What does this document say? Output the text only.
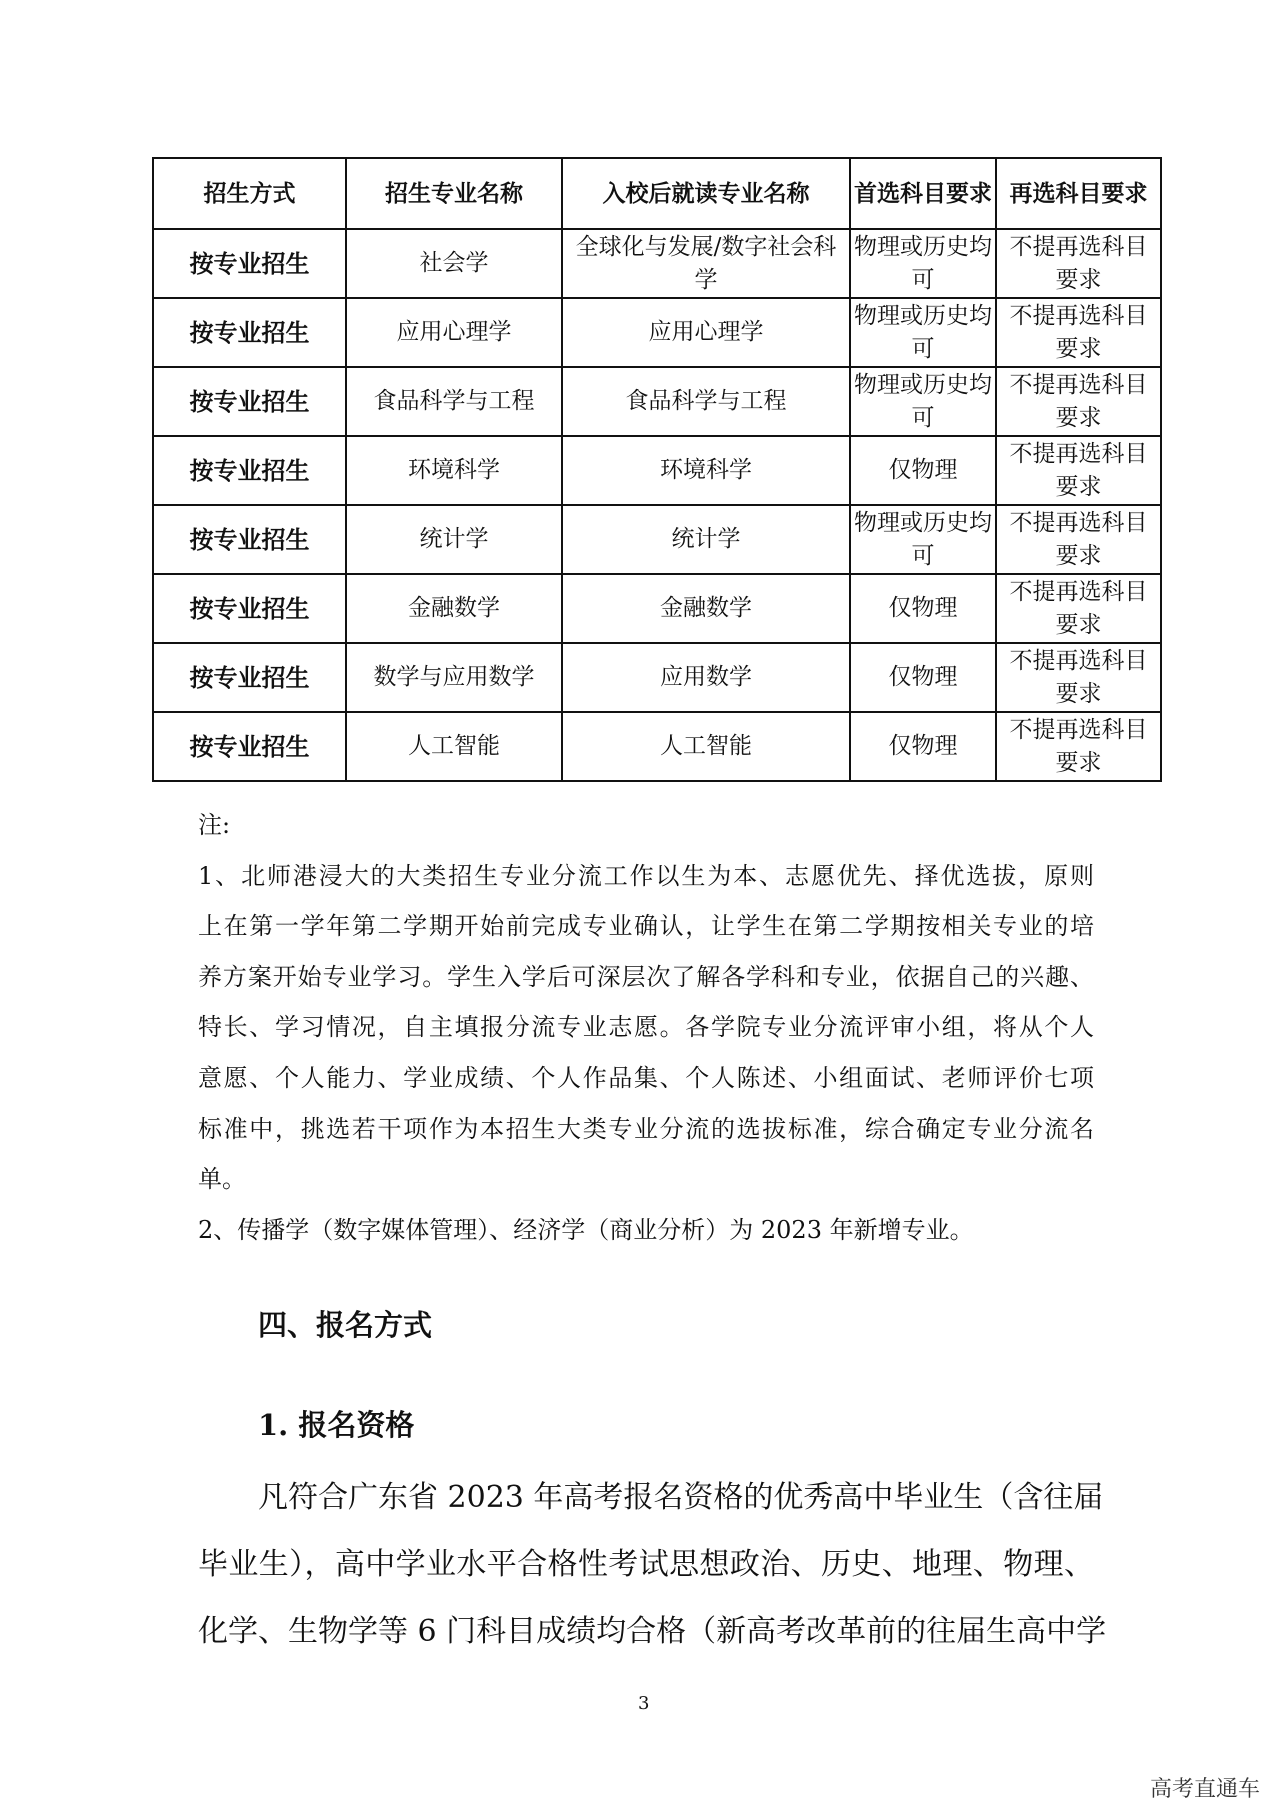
招生方式	招生专业名称	入校后就读专业名称	首选科目要求	再选科目要求
按专业招生	社会学	全球化与发展/数字社会科学	物理或历史均可	不提再选科目要求
按专业招生	应用心理学	应用心理学	物理或历史均可	不提再选科目要求
按专业招生	食品科学与工程	食品科学与工程	物理或历史均可	不提再选科目要求
按专业招生	环境科学	环境科学	仅物理	不提再选科目要求
按专业招生	统计学	统计学	物理或历史均可	不提再选科目要求
按专业招生	金融数学	金融数学	仅物理	不提再选科目要求
按专业招生	数学与应用数学	应用数学	仅物理	不提再选科目要求
按专业招生	人工智能	人工智能	仅物理	不提再选科目要求
注:
1、北师港浸大的大类招生专业分流工作以生为本、志愿优先、择优选拔，原则
上在第一学年第二学期开始前完成专业确认，让学生在第二学期按相关专业的培
养方案开始专业学习。学生入学后可深层次了解各学科和专业，依据自己的兴趣、
特长、学习情况，自主填报分流专业志愿。各学院专业分流评审小组，将从个人
意愿、个人能力、学业成绩、个人作品集、个人陈述、小组面试、老师评价七项
标准中，挑选若干项作为本招生大类专业分流的选拔标准，综合确定专业分流名
单。
2、传播学（数字媒体管理）、经济学（商业分析）为 2023 年新增专业。
四、报名方式
1. 报名资格
凡符合广东省 2023 年高考报名资格的优秀高中毕业生（含往届
毕业生），高中学业水平合格性考试思想政治、历史、地理、物理、
化学、生物学等 6 门科目成绩均合格（新高考改革前的往届生高中学
3
高考直通车
